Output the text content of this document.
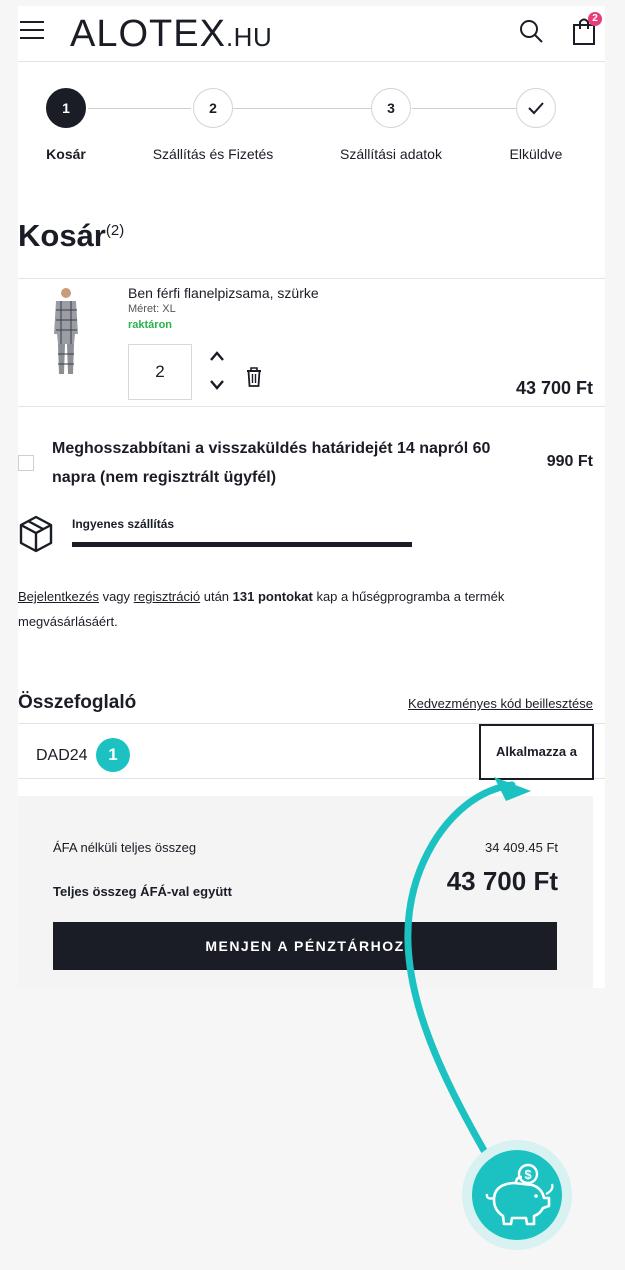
ALOTEX.HU
2
1	2	3
Kosár	Szállítás és Fizetés	Szállítási adatok	Elküldve
Kosár$^{(2)}$
Ben férfi flanelpizsama, szürke
Méret: XL
raktáron
2
43 700 Ft
Meghosszabbítani a visszaküldés határidejét 14 napról 60 napra (nem regisztrált ügyfél)
990 Ft
Ingyenes szállítás
Bejelentkezés vagy regisztráció után 131 pontokat kap a hűségprogramba a termék megvásárlásáért.
Összefoglaló	Kedvezményes kód beillesztése
DAD24	1	Alkalmazza a
ÁFA nélküli teljes összeg	34 409.45 Ft
Teljes összeg ÁFÁ-val együtt	43 700 Ft
MENJEN A PÉNZTÁRHOZ
$
